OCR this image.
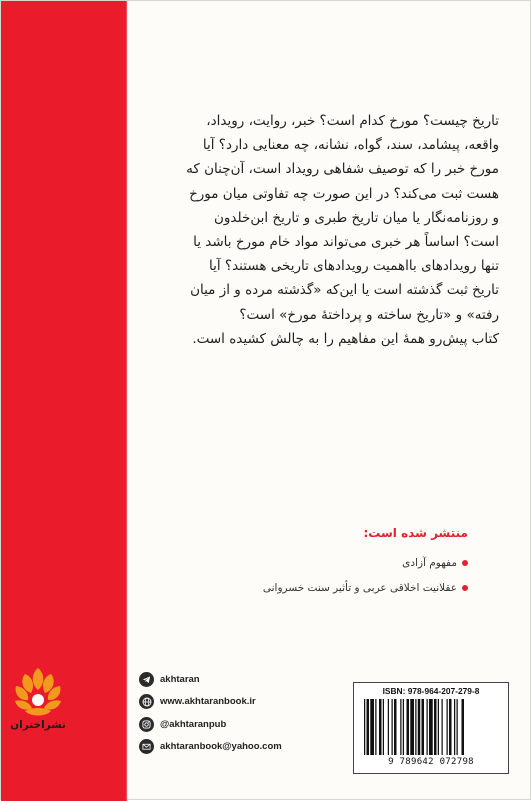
تاریخ چیست؟ مورخ کدام است؟ خبر، روایت، رویداد،

واقعه، پیشامد، سند، گواه، نشانه، چه معنایی دارد؟ آیا

مورخ خبر را که توصیف شفاهی رویداد است، آن‌چنان که

هست ثبت می‌کند؟ در این صورت چه تفاوتی میان مورخ

و روزنامه‌نگار یا میان تاریخ طبری و تاریخ ابن‌خلدون

است؟ اساساً هر خبری می‌تواند مواد خام مورخ باشد یا

تنها رویدادهای بااهمیت رویدادهای تاریخی هستند؟ آیا

تاریخ ثبت گذشته است یا این‌که «گذشته مرده و از میان

رفته» و «تاریخ ساخته و پرداختهٔ مورخ» است؟

کتاب پیش‌رو همهٔ این مفاهیم را به چالش کشیده است.

منتشر شده است:
مفهوم آزادی
عقلانیت اخلاقی عربی و تأثیر سنت خسروانی
نشراختران
akhtaran
www.akhtaranbook.ir
@akhtaranpub
akhtaranbook@yahoo.com
ISBN: 978-964-207-279-8
9 789642 072798
